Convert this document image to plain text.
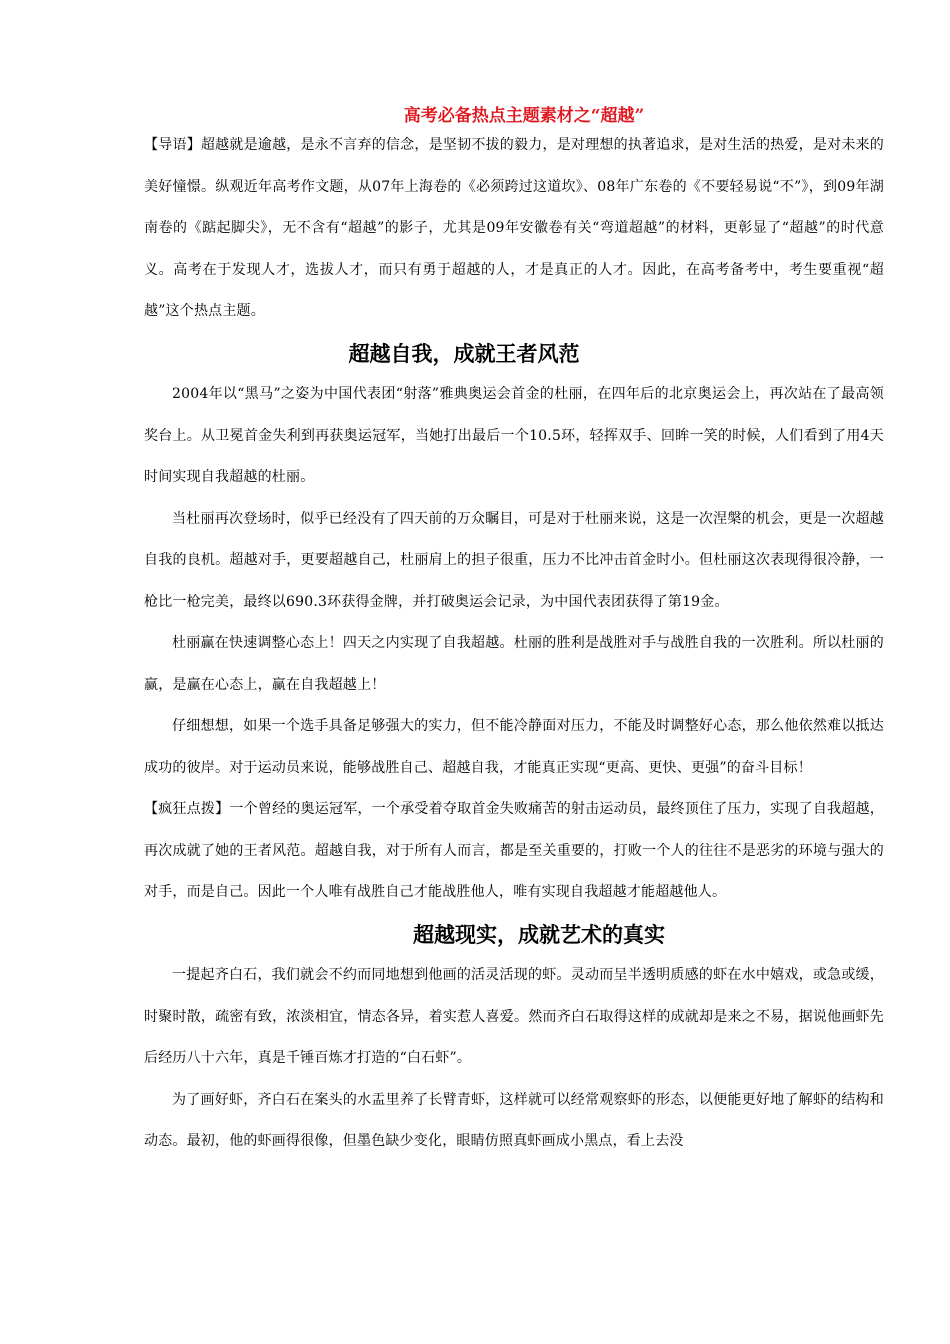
高考必备热点主题素材之“超越”

【导语】超越就是逾越，是永不言弃的信念，是坚韧不拔的毅力，是对理想的执著追求，是对生活的热爱，是对未来的美好憧憬。纵观近年高考作文题，从07年上海卷的《必须跨过这道坎》、08年广东卷的《不要轻易说“不”》，到09年湖南卷的《踮起脚尖》，无不含有“超越”的影子，尤其是09年安徽卷有关“弯道超越”的材料，更彰显了“超越”的时代意义。高考在于发现人才，选拔人才，而只有勇于超越的人，才是真正的人才。因此，在高考备考中，考生要重视“超越”这个热点主题。

超越自我，成就王者风范

2004年以“黑马”之姿为中国代表团“射落”雅典奥运会首金的杜丽，在四年后的北京奥运会上，再次站在了最高领奖台上。从卫冕首金失利到再获奥运冠军，当她打出最后一个10.5环，轻挥双手、回眸一笑的时候，人们看到了用4天时间实现自我超越的杜丽。

当杜丽再次登场时，似乎已经没有了四天前的万众瞩目，可是对于杜丽来说，这是一次涅槃的机会，更是一次超越自我的良机。超越对手，更要超越自己，杜丽肩上的担子很重，压力不比冲击首金时小。但杜丽这次表现得很冷静，一枪比一枪完美，最终以690.3环获得金牌，并打破奥运会记录，为中国代表团获得了第19金。

杜丽赢在快速调整心态上！四天之内实现了自我超越。杜丽的胜利是战胜对手与战胜自我的一次胜利。所以杜丽的赢，是赢在心态上，赢在自我超越上！

仔细想想，如果一个选手具备足够强大的实力，但不能冷静面对压力，不能及时调整好心态，那么他依然难以抵达成功的彼岸。对于运动员来说，能够战胜自己、超越自我，才能真正实现“更高、更快、更强”的奋斗目标！

【疯狂点拨】一个曾经的奥运冠军，一个承受着夺取首金失败痛苦的射击运动员，最终顶住了压力，实现了自我超越，再次成就了她的王者风范。超越自我，对于所有人而言，都是至关重要的，打败一个人的往往不是恶劣的环境与强大的对手，而是自己。因此一个人唯有战胜自己才能战胜他人，唯有实现自我超越才能超越他人。

超越现实，成就艺术的真实

一提起齐白石，我们就会不约而同地想到他画的活灵活现的虾。灵动而呈半透明质感的虾在水中嬉戏，或急或缓，时聚时散，疏密有致，浓淡相宜，情态各异，着实惹人喜爱。然而齐白石取得这样的成就却是来之不易，据说他画虾先后经历八十六年，真是千锤百炼才打造的“白石虾”。

为了画好虾，齐白石在案头的水盂里养了长臂青虾，这样就可以经常观察虾的形态，以便能更好地了解虾的结构和动态。最初，他的虾画得很像，但墨色缺少变化，眼睛仿照真虾画成小黑点，看上去没
